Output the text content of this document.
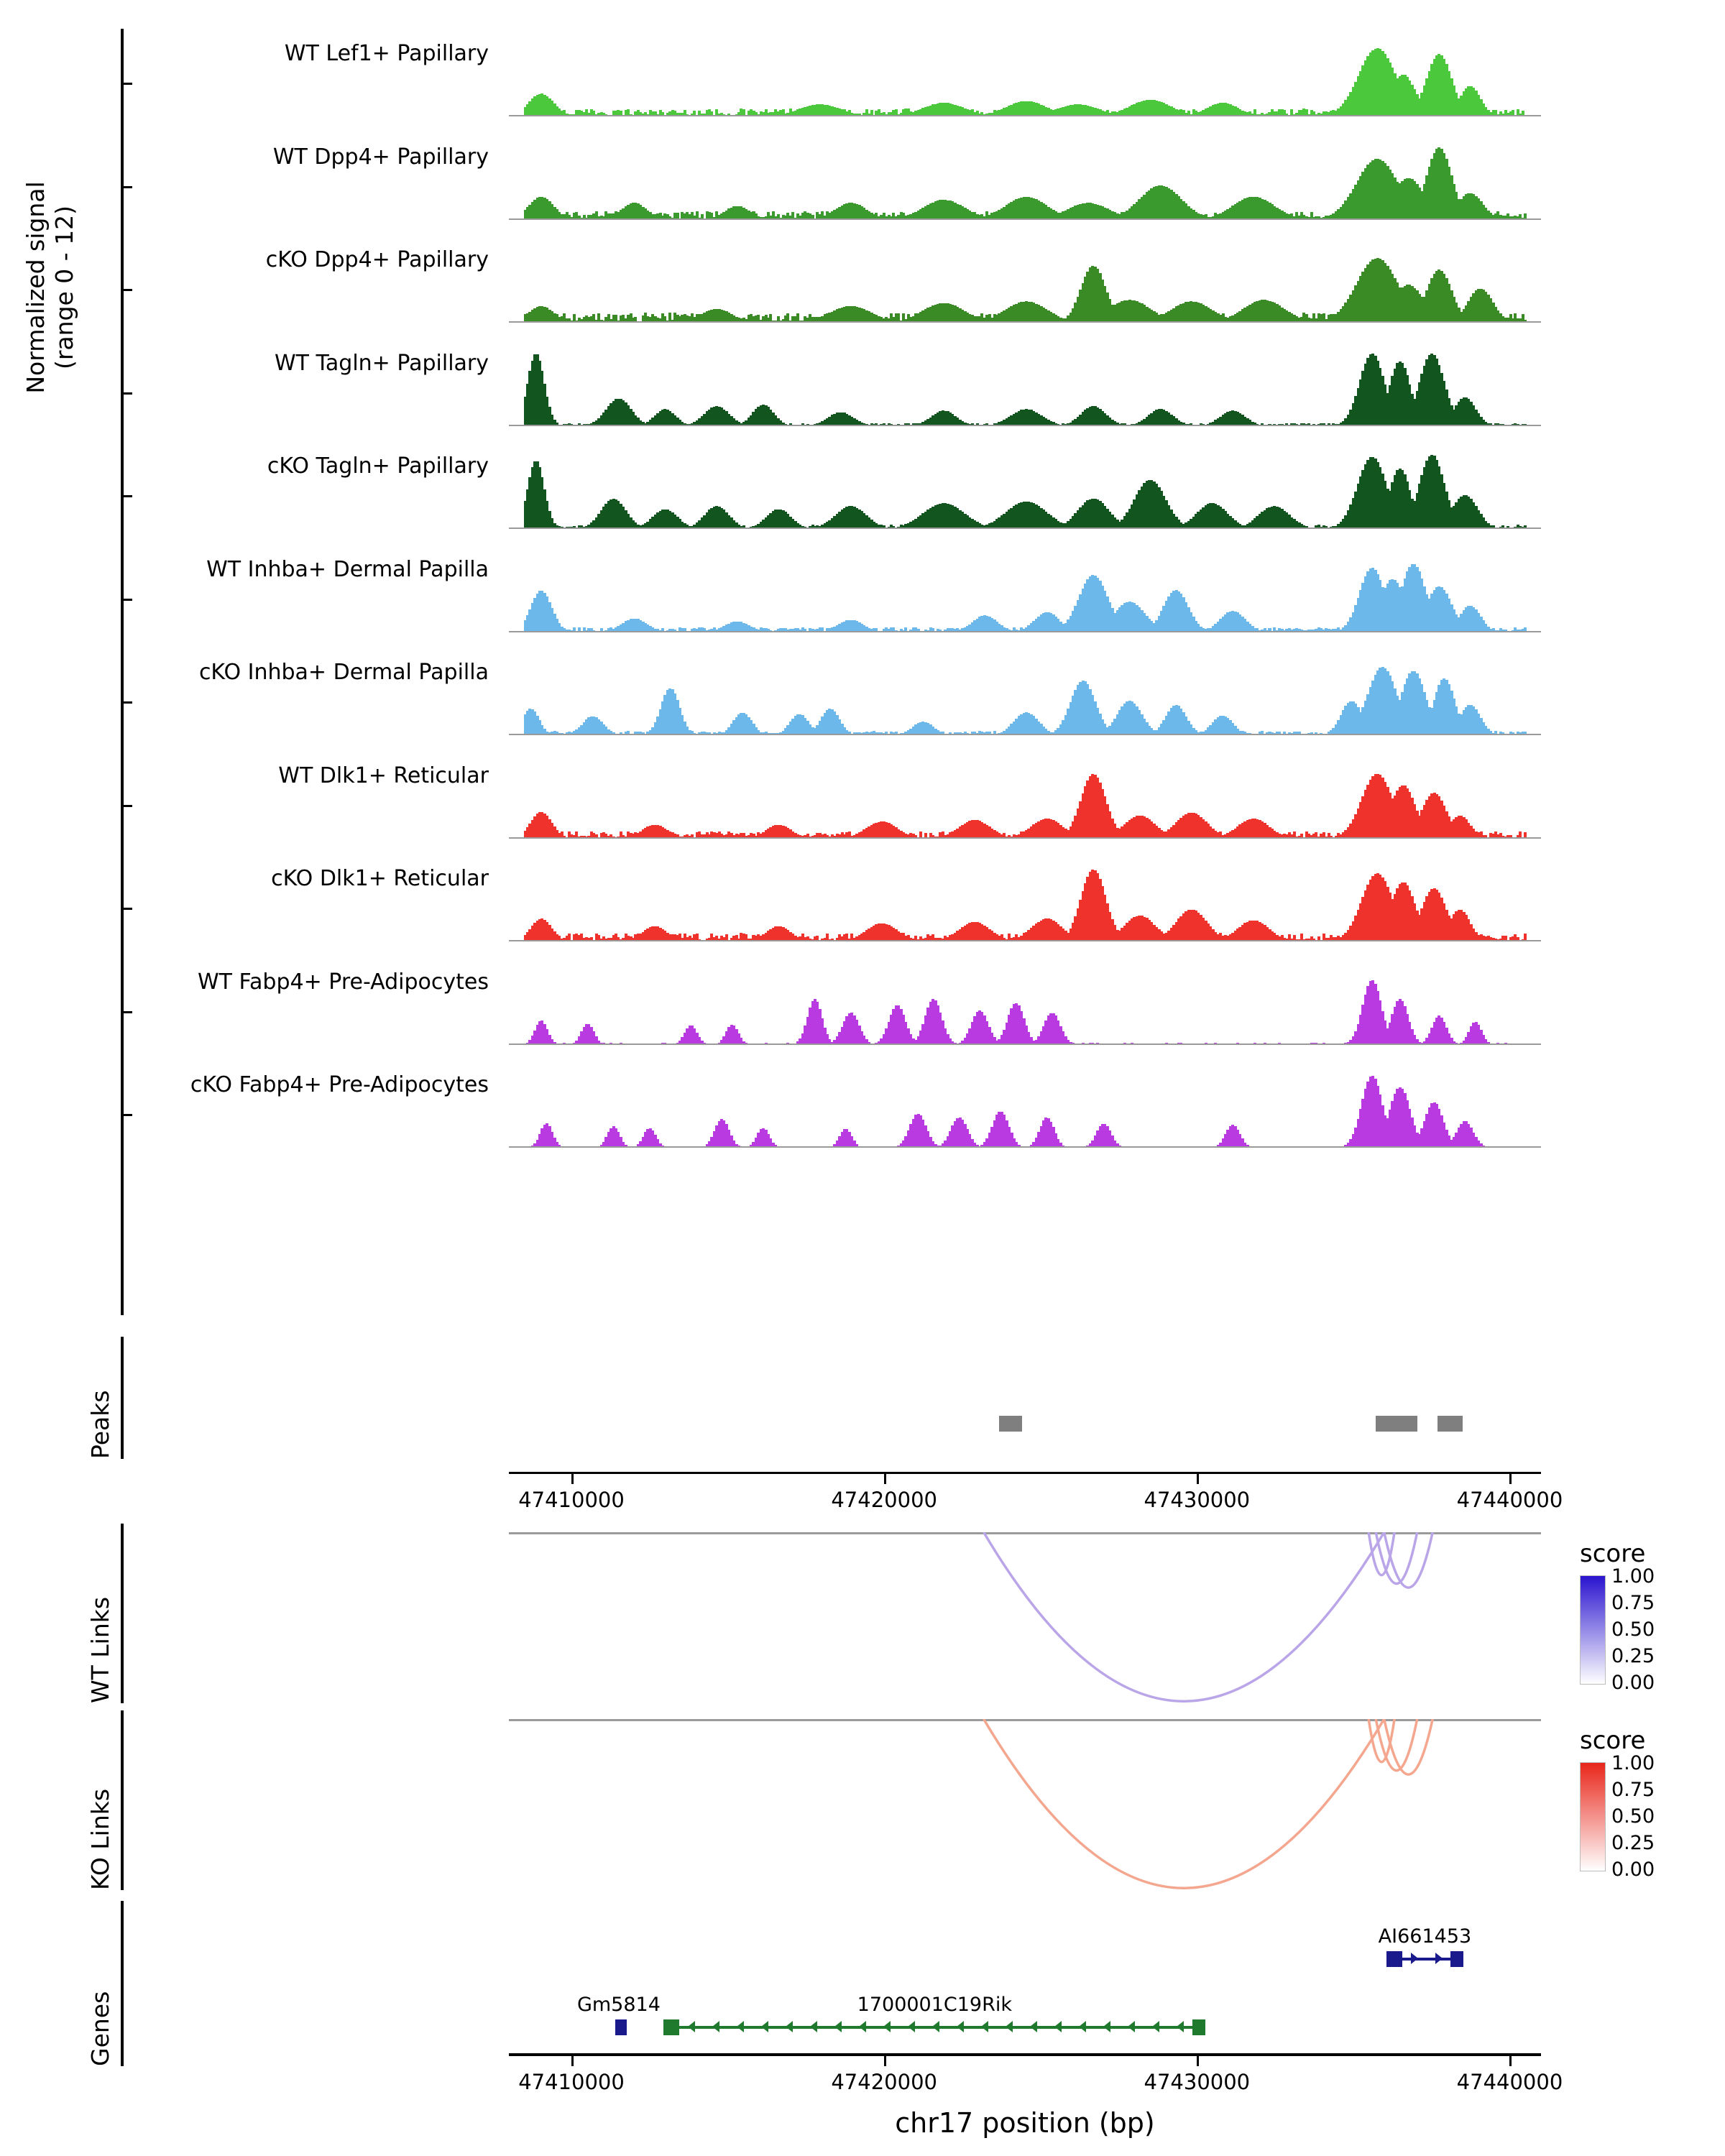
Normalized signal (range 0 - 12)
WT Lef1+ Papillary
WT Dpp4+ Papillary
cKO Dpp4+ Papillary
WT Tagln+ Papillary
cKO Tagln+ Papillary
WT Inhba+ Dermal Papilla
cKO Inhba+ Dermal Papilla
WT Dlk1+ Reticular
cKO Dlk1+ Reticular
WT Fabp4+ Pre-Adipocytes
cKO Fabp4+ Pre-Adipocytes
Peaks
47410000	47420000	47430000	47440000
WT Links
score
1.00
0.75
0.50
0.25
0.00
KO Links
score
1.00
0.75
0.50
0.25
0.00
Genes	Gm5814	1700001C19Rik
AI661453
47410000	47420000	47430000	47440000
chr17 position (bp)
